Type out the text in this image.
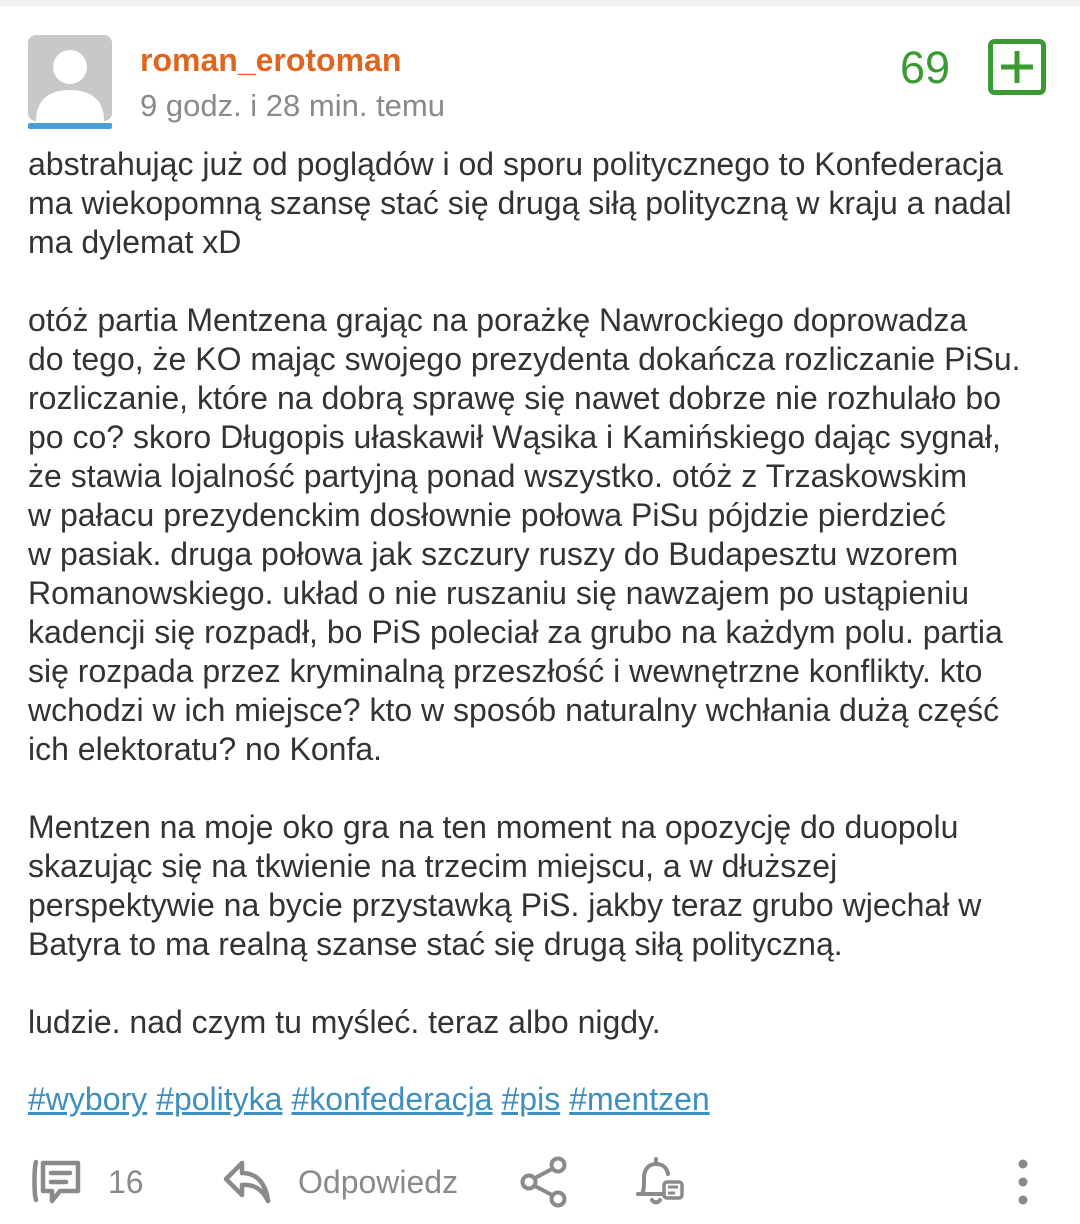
roman_erotoman
9 godz. i 28 min. temu
69

abstrahując już od poglądów i od sporu politycznego to Konfederacja
ma wiekopomną szansę stać się drugą siłą polityczną w kraju a nadal
ma dylemat xD

otóż partia Mentzena grając na porażkę Nawrockiego doprowadza
do tego, że KO mając swojego prezydenta dokańcza rozliczanie PiSu.
rozliczanie, które na dobrą sprawę się nawet dobrze nie rozhulało bo
po co? skoro Długopis ułaskawił Wąsika i Kamińskiego dając sygnał,
że stawia lojalność partyjną ponad wszystko. otóż z Trzaskowskim
w pałacu prezydenckim dosłownie połowa PiSu pójdzie pierdzieć
w pasiak. druga połowa jak szczury ruszy do Budapesztu wzorem
Romanowskiego. układ o nie ruszaniu się nawzajem po ustąpieniu
kadencji się rozpadł, bo PiS poleciał za grubo na każdym polu. partia
się rozpada przez kryminalną przeszłość i wewnętrzne konflikty. kto
wchodzi w ich miejsce? kto w sposób naturalny wchłania dużą część
ich elektoratu? no Konfa.

Mentzen na moje oko gra na ten moment na opozycję do duopolu
skazując się na tkwienie na trzecim miejscu, a w dłuższej
perspektywie na bycie przystawką PiS. jakby teraz grubo wjechał w
Batyra to ma realną szanse stać się drugą siłą polityczną.

ludzie. nad czym tu myśleć. teraz albo nigdy.

#wybory #polityka #konfederacja #pis #mentzen
16	Odpowiedz
